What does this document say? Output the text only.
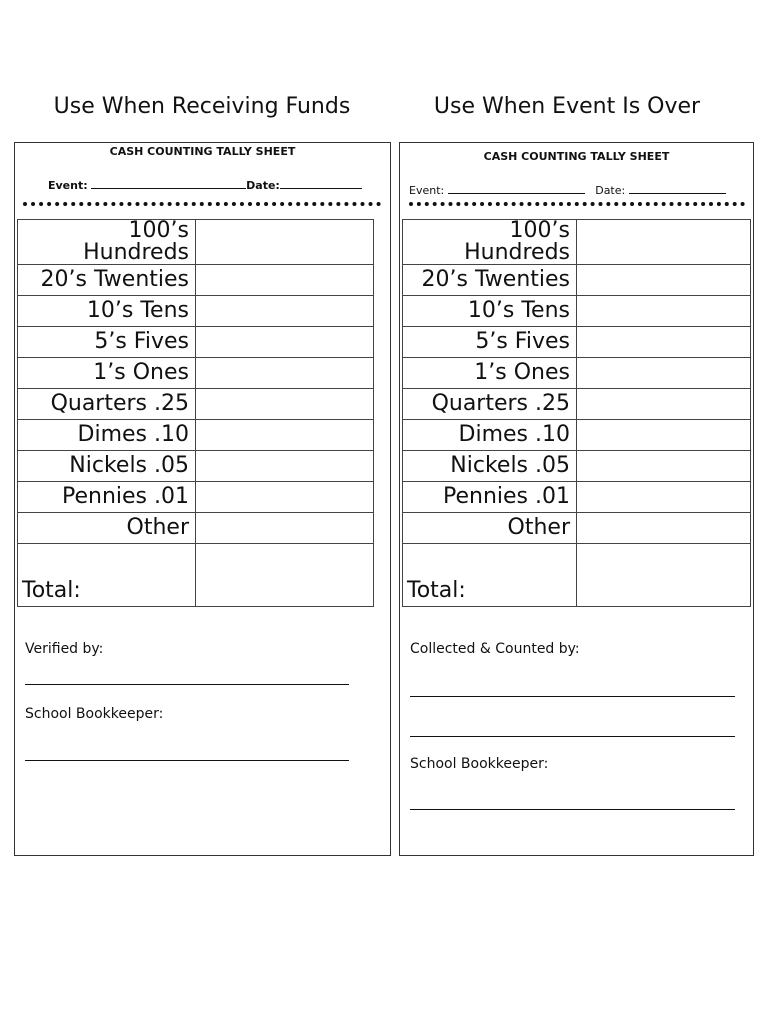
Use When Receiving Funds
CASH COUNTING TALLY SHEET
Event:	Date:
100’s Hundreds	
20’s Twenties	
10’s Tens	
5’s Fives	
1’s Ones	
Quarters .25	
Dimes .10	
Nickels .05	
Pennies .01	
Other	
Total:	
Verified by:
School Bookkeeper:
Use When Event Is Over
CASH COUNTING TALLY SHEET
Event:	Date:
100’s Hundreds	
20’s Twenties	
10’s Tens	
5’s Fives	
1’s Ones	
Quarters .25	
Dimes .10	
Nickels .05	
Pennies .01	
Other	
Total:	
Collected & Counted by:
School Bookkeeper:
